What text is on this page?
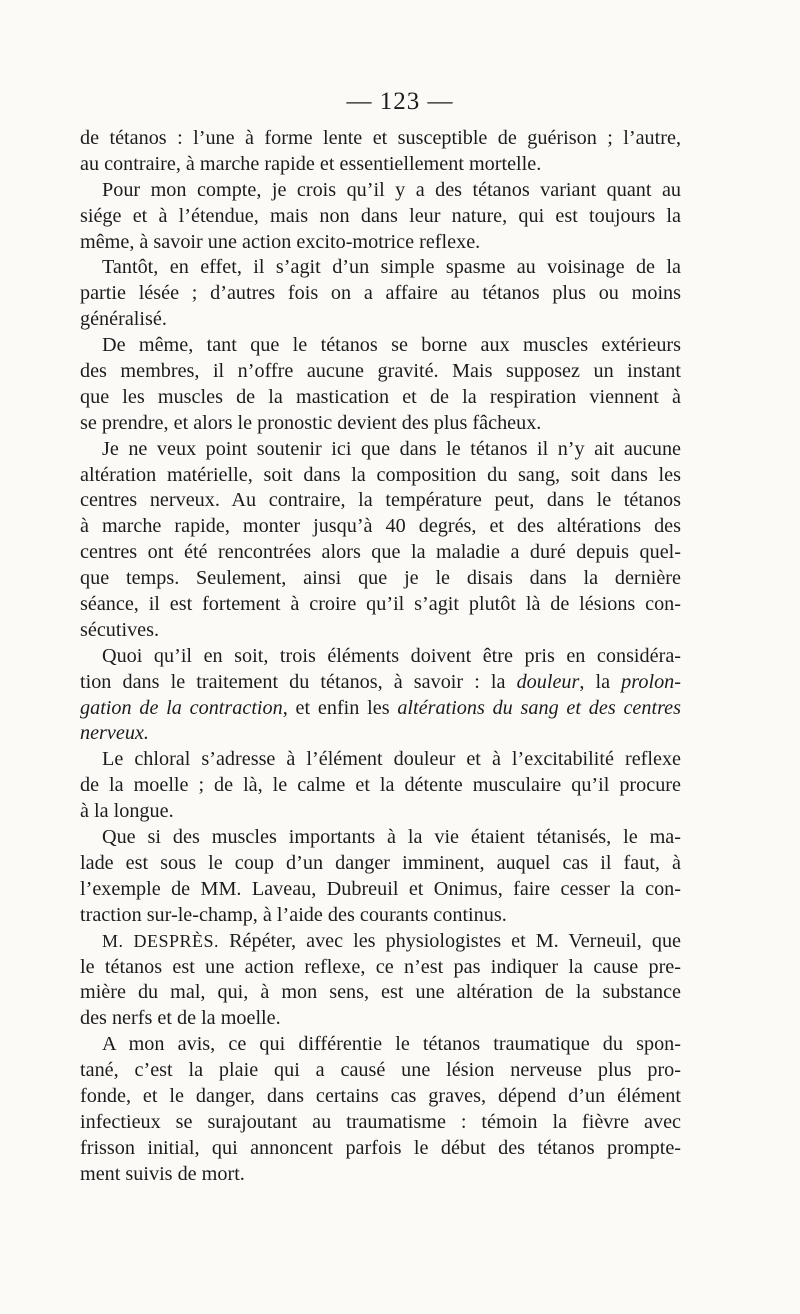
— 123 —
de tétanos : l’une à forme lente et susceptible de guérison ; l’autre,
au contraire, à marche rapide et essentiellement mortelle.
Pour mon compte, je crois qu’il y a des tétanos variant quant au
siége et à l’étendue, mais non dans leur nature, qui est toujours la
même, à savoir une action excito-motrice reflexe.
Tantôt, en effet, il s’agit d’un simple spasme au voisinage de la
partie lésée ; d’autres fois on a affaire au tétanos plus ou moins
généralisé.
De même, tant que le tétanos se borne aux muscles extérieurs
des membres, il n’offre aucune gravité. Mais supposez un instant
que les muscles de la mastication et de la respiration viennent à
se prendre, et alors le pronostic devient des plus fâcheux.
Je ne veux point soutenir ici que dans le tétanos il n’y ait aucune
altération matérielle, soit dans la composition du sang, soit dans les
centres nerveux. Au contraire, la température peut, dans le tétanos
à marche rapide, monter jusqu’à 40 degrés, et des altérations des
centres ont été rencontrées alors que la maladie a duré depuis quel-
que temps. Seulement, ainsi que je le disais dans la dernière
séance, il est fortement à croire qu’il s’agit plutôt là de lésions con-
sécutives.
Quoi qu’il en soit, trois éléments doivent être pris en considéra-
tion dans le traitement du tétanos, à savoir : la douleur, la prolon-
gation de la contraction, et enfin les altérations du sang et des centres
nerveux.
Le chloral s’adresse à l’élément douleur et à l’excitabilité reflexe
de la moelle ; de là, le calme et la détente musculaire qu’il procure
à la longue.
Que si des muscles importants à la vie étaient tétanisés, le ma-
lade est sous le coup d’un danger imminent, auquel cas il faut, à
l’exemple de MM. Laveau, Dubreuil et Onimus, faire cesser la con-
traction sur-le-champ, à l’aide des courants continus.
M. DESPRÈS. Répéter, avec les physiologistes et M. Verneuil, que
le tétanos est une action reflexe, ce n’est pas indiquer la cause pre-
mière du mal, qui, à mon sens, est une altération de la substance
des nerfs et de la moelle.
A mon avis, ce qui différentie le tétanos traumatique du spon-
tané, c’est la plaie qui a causé une lésion nerveuse plus pro-
fonde, et le danger, dans certains cas graves, dépend d’un élément
infectieux se surajoutant au traumatisme : témoin la fièvre avec
frisson initial, qui annoncent parfois le début des tétanos prompte-
ment suivis de mort.
